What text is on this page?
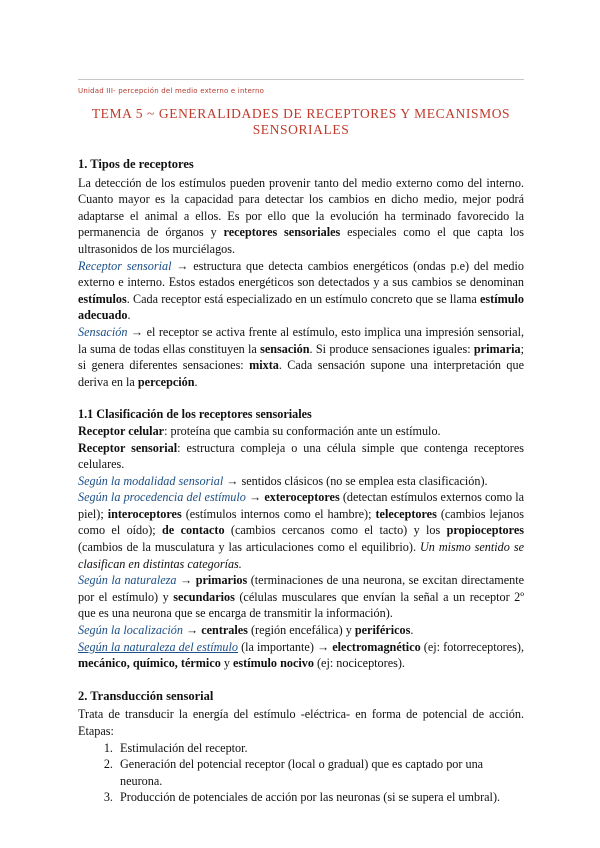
Unidad III- percepción del medio externo e interno
TEMA 5 ~ GENERALIDADES DE RECEPTORES Y MECANISMOS SENSORIALES
1. Tipos de receptores

La detección de los estímulos pueden provenir tanto del medio externo como del interno. Cuanto mayor es la capacidad para detectar los cambios en dicho medio, mejor podrá adaptarse el animal a ellos. Es por ello que la evolución ha terminado favorecido la permanencia de órganos y receptores sensoriales especiales como el que capta los ultrasonidos de los murciélagos.

Receptor sensorial → estructura que detecta cambios energéticos (ondas p.e) del medio externo e interno. Estos estados energéticos son detectados y a sus cambios se denominan estímulos. Cada receptor está especializado en un estímulo concreto que se llama estímulo adecuado.

Sensación → el receptor se activa frente al estímulo, esto implica una impresión sensorial, la suma de todas ellas constituyen la sensación. Si produce sensaciones iguales: primaria; si genera diferentes sensaciones: mixta. Cada sensación supone una interpretación que deriva en la percepción.

1.1 Clasificación de los receptores sensoriales

Receptor celular: proteína que cambia su conformación ante un estímulo.

Receptor sensorial: estructura compleja o una célula simple que contenga receptores celulares.

Según la modalidad sensorial → sentidos clásicos (no se emplea esta clasificación).

Según la procedencia del estímulo → exteroceptores (detectan estímulos externos como la piel); interoceptores (estímulos internos como el hambre); teleceptores (cambios lejanos como el oído); de contacto (cambios cercanos como el tacto) y los propioceptores (cambios de la musculatura y las articulaciones como el equilibrio). Un mismo sentido se clasifican en distintas categorías.

Según la naturaleza → primarios (terminaciones de una neurona, se excitan directamente por el estímulo) y secundarios (células musculares que envían la señal a un receptor 2º que es una neurona que se encarga de transmitir la información).

Según la localización → centrales (región encefálica) y periféricos.

Según la naturaleza del estímulo (la importante) → electromagnético (ej: fotorreceptores), mecánico, químico, térmico y estímulo nocivo (ej: nociceptores).

2. Transducción sensorial

Trata de transducir la energía del estímulo -eléctrica- en forma de potencial de acción. Etapas:

1. Estimulación del receptor.
2. Generación del potencial receptor (local o gradual) que es captado por una neurona.
3. Producción de potenciales de acción por las neuronas (si se supera el umbral).
